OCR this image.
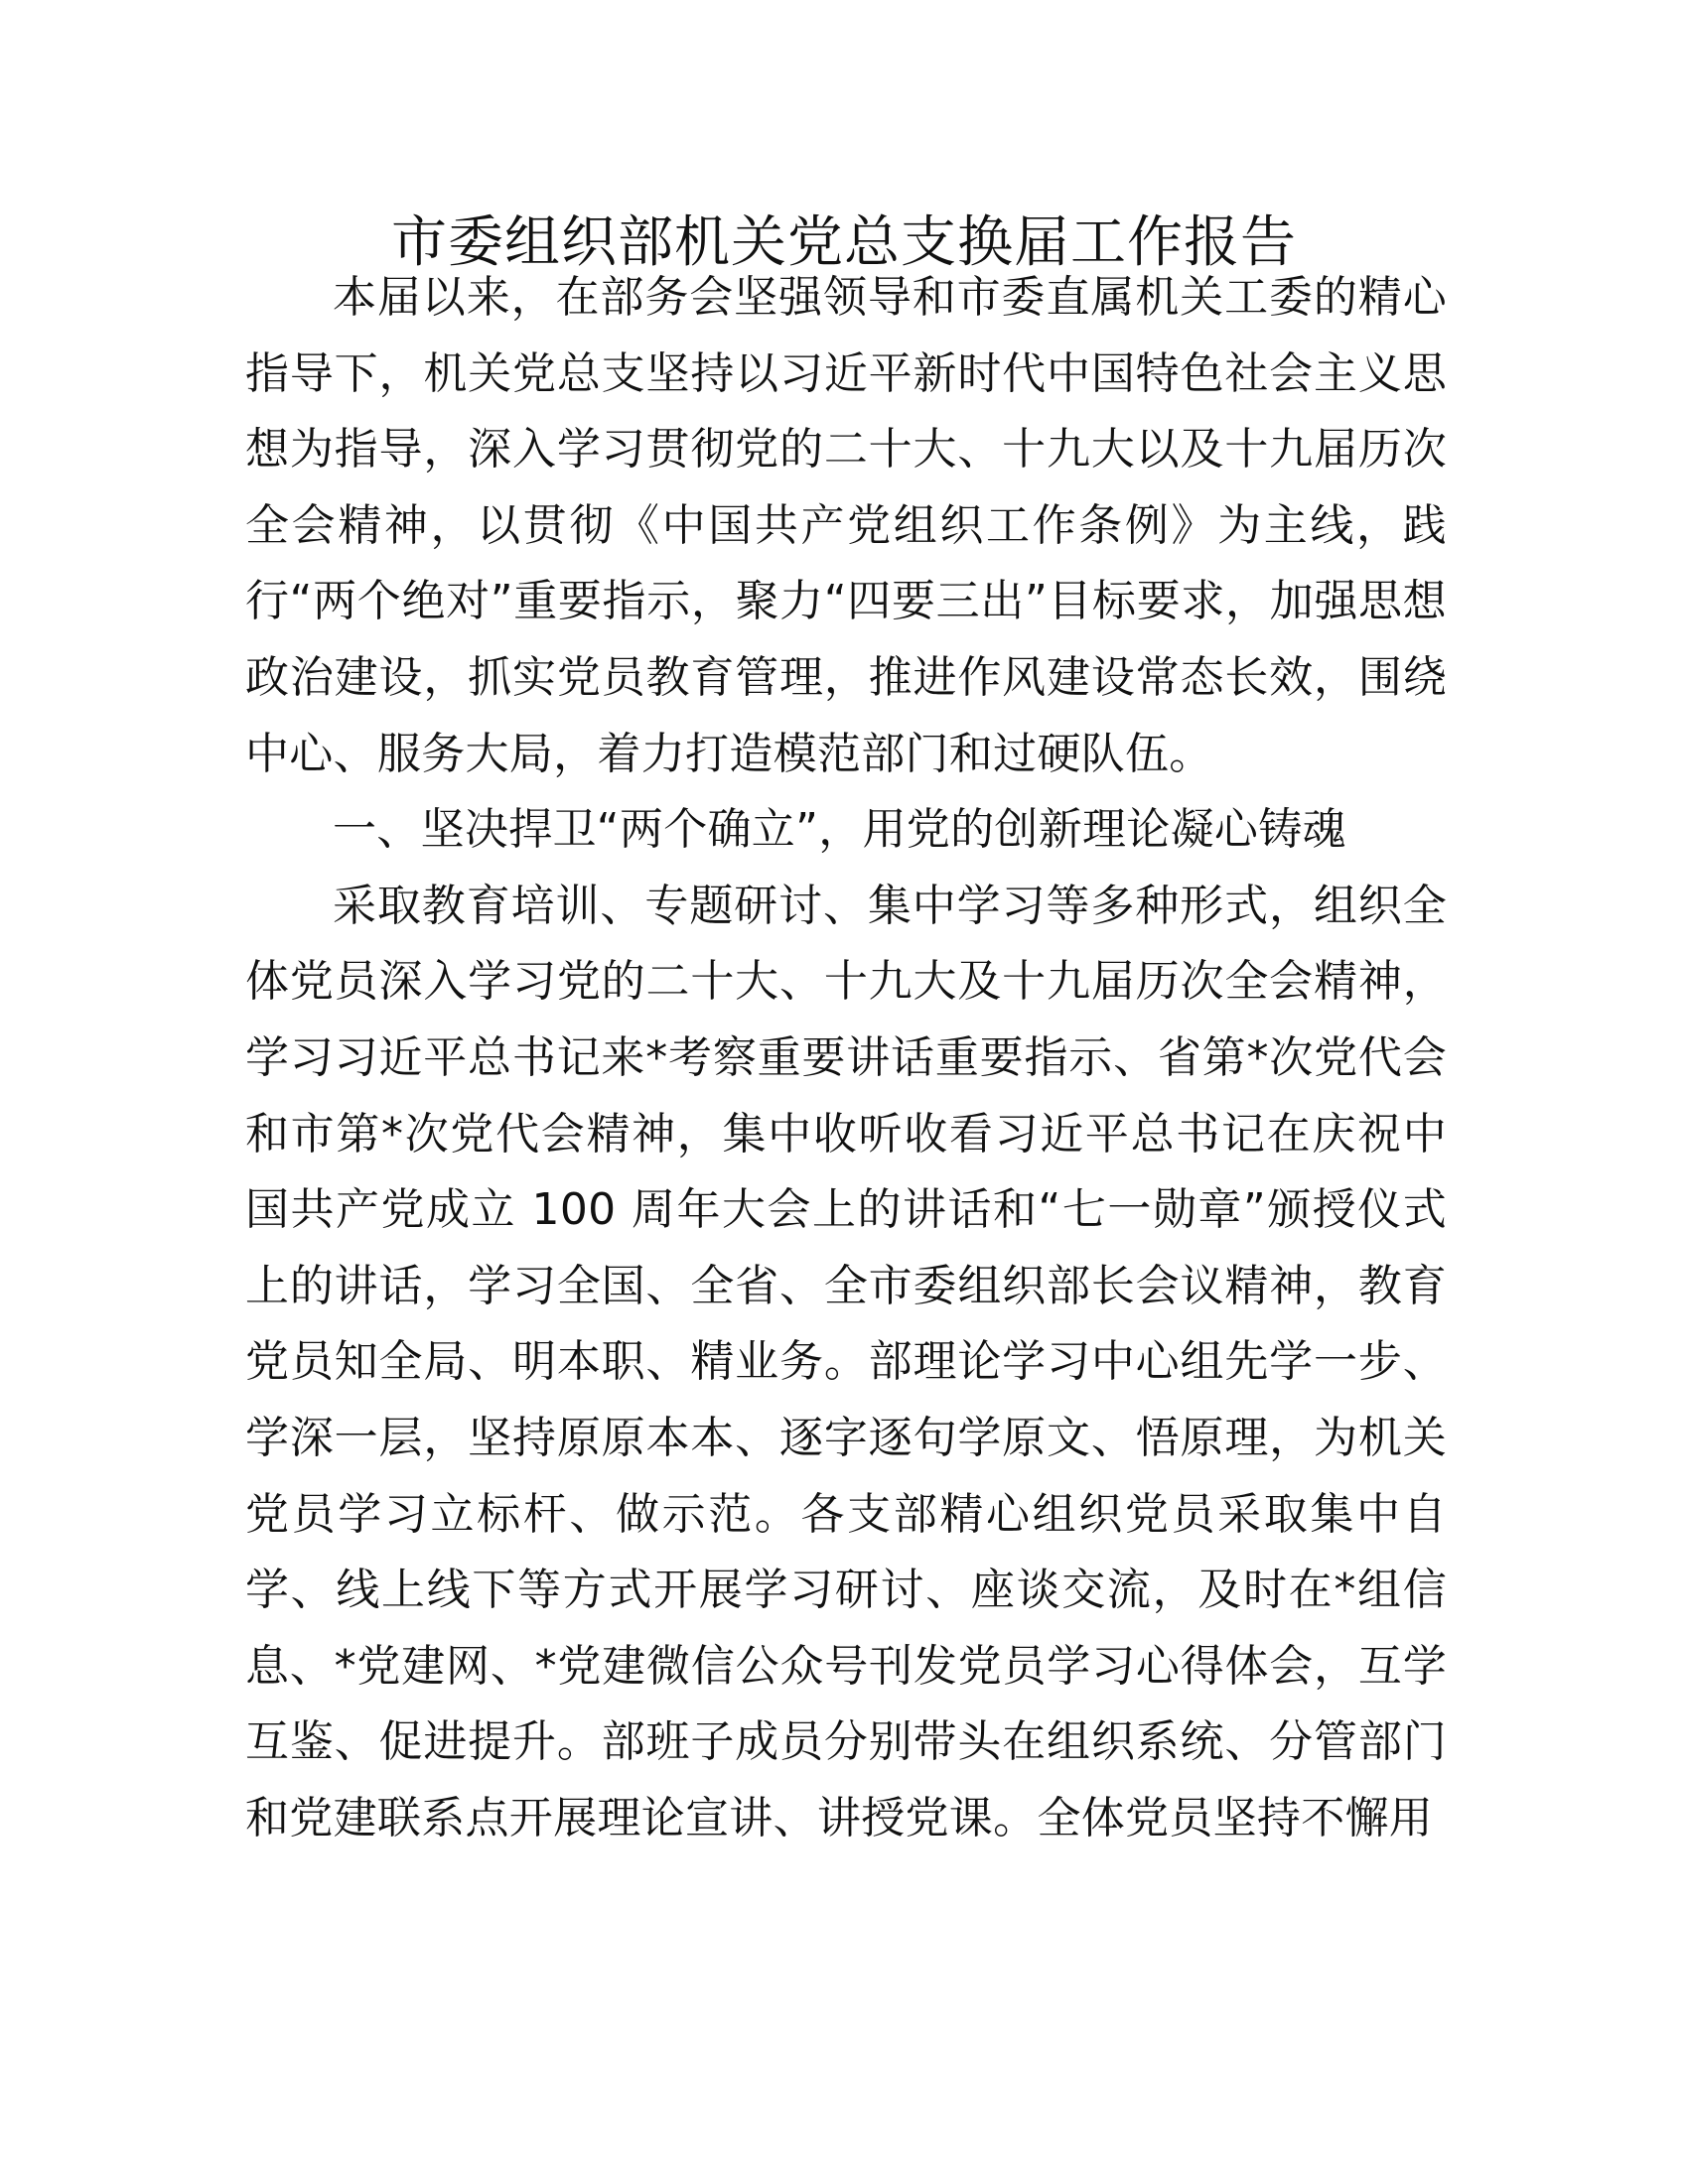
市委组织部机关党总支换届工作报告

本届以来，在部务会坚强领导和市委直属机关工委的精心指导下，机关党总支坚持以习近平新时代中国特色社会主义思想为指导，深入学习贯彻党的二十大、十九大以及十九届历次全会精神，以贯彻《中国共产党组织工作条例》为主线，践行“两个绝对”重要指示，聚力“四要三出”目标要求，加强思想政治建设，抓实党员教育管理，推进作风建设常态长效，围绕中心、服务大局，着力打造模范部门和过硬队伍。

一、坚决捍卫“两个确立”，用党的创新理论凝心铸魂

采取教育培训、专题研讨、集中学习等多种形式，组织全体党员深入学习党的二十大、十九大及十九届历次全会精神，学习习近平总书记来*考察重要讲话重要指示、省第*次党代会和市第*次党代会精神，集中收听收看习近平总书记在庆祝中国共产党成立 100 周年大会上的讲话和“七一勋章”颁授仪式上的讲话，学习全国、全省、全市委组织部长会议精神，教育党员知全局、明本职、精业务。部理论学习中心组先学一步、学深一层，坚持原原本本、逐字逐句学原文、悟原理，为机关党员学习立标杆、做示范。各支部精心组织党员采取集中自学、线上线下等方式开展学习研讨、座谈交流，及时在*组信息、*党建网、*党建微信公众号刊发党员学习心得体会，互学互鉴、促进提升。部班子成员分别带头在组织系统、分管部门和党建联系点开展理论宣讲、讲授党课。全体党员坚持不懈用
